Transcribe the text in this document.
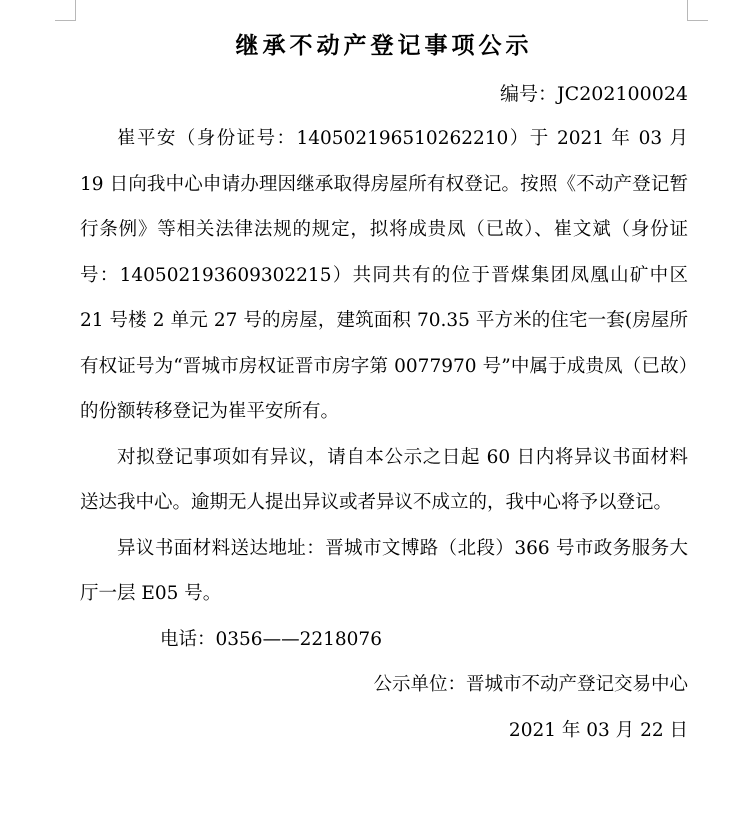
继承不动产登记事项公示
编号：JC202100024

崔平安（身份证号：140502196510262210）于 2021 年 03 月 19 日向我中心申请办理因继承取得房屋所有权登记。按照《不动产登记暂行条例》等相关法律法规的规定，拟将成贵凤（已故）、崔文斌（身份证号：140502193609302215）共同共有的位于晋煤集团凤凰山矿中区 21 号楼 2 单元 27 号的房屋，建筑面积 70.35 平方米的住宅一套(房屋所有权证号为“晋城市房权证晋市房字第 0077970 号”中属于成贵凤（已故）的份额转移登记为崔平安所有。

对拟登记事项如有异议，请自本公示之日起 60 日内将异议书面材料送达我中心。逾期无人提出异议或者异议不成立的，我中心将予以登记。

异议书面材料送达地址：晋城市文博路（北段）366 号市政务服务大厅一层 E05 号。

电话：0356——2218076
公示单位：晋城市不动产登记交易中心
2021 年 03 月 22 日
